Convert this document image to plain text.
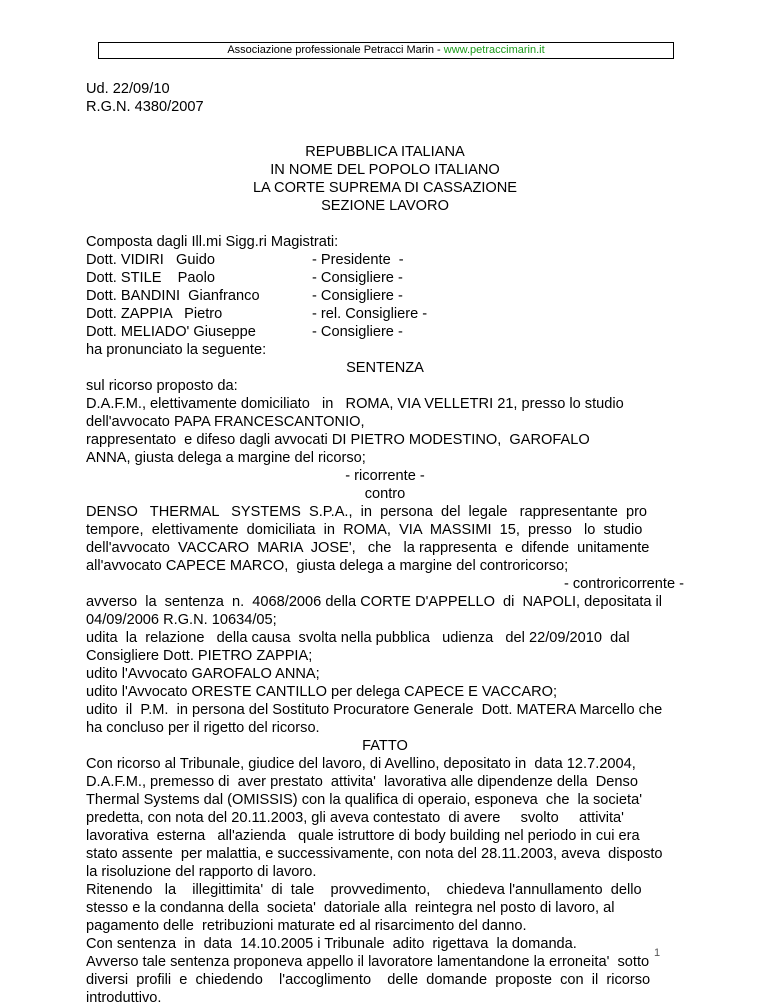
Associazione professionale Petracci Marin - www.petraccimarin.it
Ud. 22/09/10
R.G.N. 4380/2007
REPUBBLICA ITALIANA
IN NOME DEL POPOLO ITALIANO
LA CORTE SUPREMA DI CASSAZIONE
SEZIONE LAVORO
Composta dagli Ill.mi Sigg.ri Magistrati:
Dott. VIDIRI   Guido	- Presidente  -
Dott. STILE    Paolo	- Consigliere -
Dott. BANDINI  Gianfranco	- Consigliere -
Dott. ZAPPIA   Pietro	- rel. Consigliere -
Dott. MELIADO' Giuseppe	- Consigliere -
ha pronunciato la seguente:
SENTENZA
sul ricorso proposto da:
D.A.F.M., elettivamente domiciliato   in   ROMA, VIA VELLETRI 21, presso lo studio
dell'avvocato PAPA FRANCESCANTONIO,
rappresentato  e difeso dagli avvocati DI PIETRO MODESTINO,  GAROFALO
ANNA, giusta delega a margine del ricorso;
- ricorrente -
contro
DENSO   THERMAL   SYSTEMS  S.P.A.,  in  persona  del  legale   rappresentante  pro
tempore,  elettivamente  domiciliata  in  ROMA,  VIA  MASSIMI  15,  presso   lo  studio
dell'avvocato  VACCARO  MARIA  JOSE',   che   la rappresenta  e  difende  unitamente
all'avvocato CAPECE MARCO,  giusta delega a margine del controricorso;
- controricorrente -
avverso  la  sentenza  n.  4068/2006 della CORTE D'APPELLO  di  NAPOLI, depositata il
04/09/2006 R.G.N. 10634/05;
udita  la  relazione   della causa  svolta nella pubblica   udienza   del 22/09/2010  dal
Consigliere Dott. PIETRO ZAPPIA;
udito l'Avvocato GAROFALO ANNA;
udito l'Avvocato ORESTE CANTILLO per delega CAPECE E VACCARO;
udito  il  P.M.  in persona del Sostituto Procuratore Generale  Dott. MATERA Marcello che
ha concluso per il rigetto del ricorso.
FATTO
Con ricorso al Tribunale, giudice del lavoro, di Avellino, depositato in  data 12.7.2004,
D.A.F.M., premesso di  aver prestato  attivita'  lavorativa alle dipendenze della  Denso
Thermal Systems dal (OMISSIS) con la qualifica di operaio, esponeva  che  la societa'
predetta, con nota del 20.11.2003, gli aveva contestato  di avere     svolto     attivita'
lavorativa  esterna   all'azienda   quale istruttore di body building nel periodo in cui era
stato assente  per malattia, e successivamente, con nota del 28.11.2003, aveva  disposto
la risoluzione del rapporto di lavoro.
Ritenendo   la    illegittimita'  di  tale    provvedimento,    chiedeva l'annullamento  dello
stesso e la condanna della  societa'  datoriale alla  reintegra nel posto di lavoro, al
pagamento delle  retribuzioni maturate ed al risarcimento del danno.
Con sentenza  in  data  14.10.2005 i Tribunale  adito  rigettava  la domanda.
Avverso tale sentenza proponeva appello il lavoratore lamentandone la erroneita'  sotto
diversi  profili  e  chiedendo    l'accoglimento    delle  domande  proposte  con  il  ricorso
introduttivo.
1
